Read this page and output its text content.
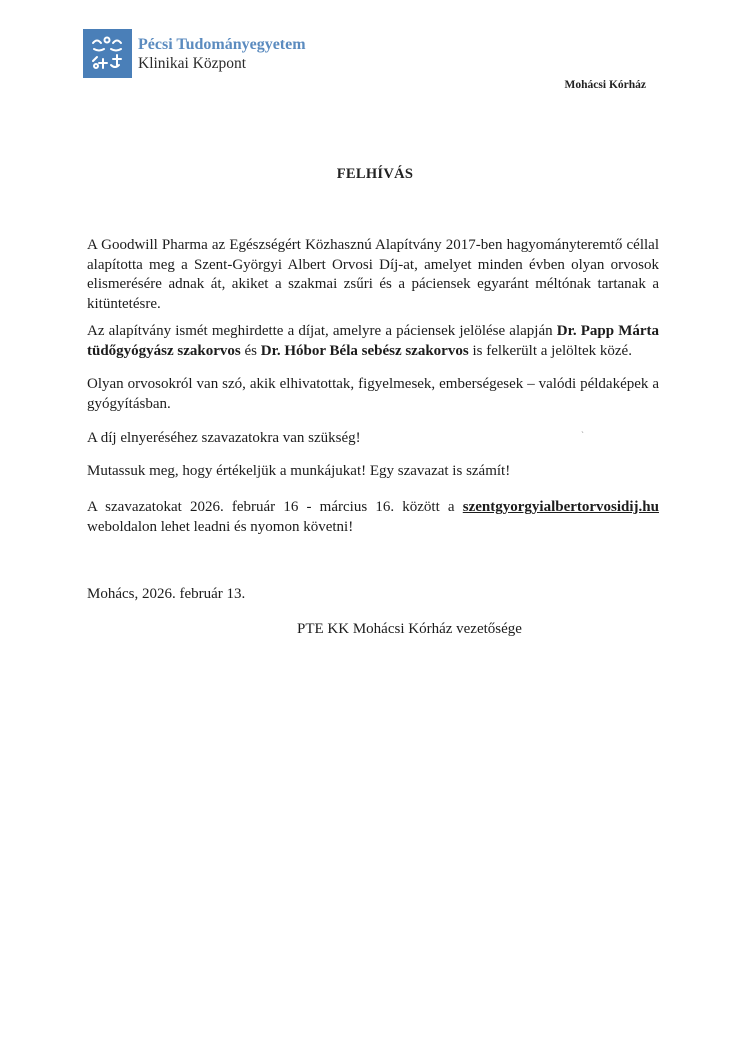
Pécsi Tudományegyetem
Klinikai Központ
Mohácsi Kórház
FELHÍVÁS
A Goodwill Pharma az Egészségért Közhasznú Alapítvány 2017-ben hagyományteremtő céllal alapította meg a Szent-Györgyi Albert Orvosi Díj-at, amelyet minden évben olyan orvosok elismerésére adnak át, akiket a szakmai zsűri és a páciensek egyaránt méltónak tartanak a kitüntetésre.
Az alapítvány ismét meghirdette a díjat, amelyre a páciensek jelölése alapján Dr. Papp Márta tüdőgyógyász szakorvos és Dr. Hóbor Béla sebész szakorvos is felkerült a jelöltek közé.
Olyan orvosokról van szó, akik elhivatottak, figyelmesek, emberségesek – valódi példaképek a gyógyításban.
A díj elnyeréséhez szavazatokra van szükség!	ˋ
Mutassuk meg, hogy értékeljük a munkájukat! Egy szavazat is számít!
A szavazatokat 2026. február 16 - március 16. között a szentgyorgyialbertorvosidij.hu weboldalon lehet leadni és nyomon követni!
Mohács, 2026. február 13.
PTE KK Mohácsi Kórház vezetősége
